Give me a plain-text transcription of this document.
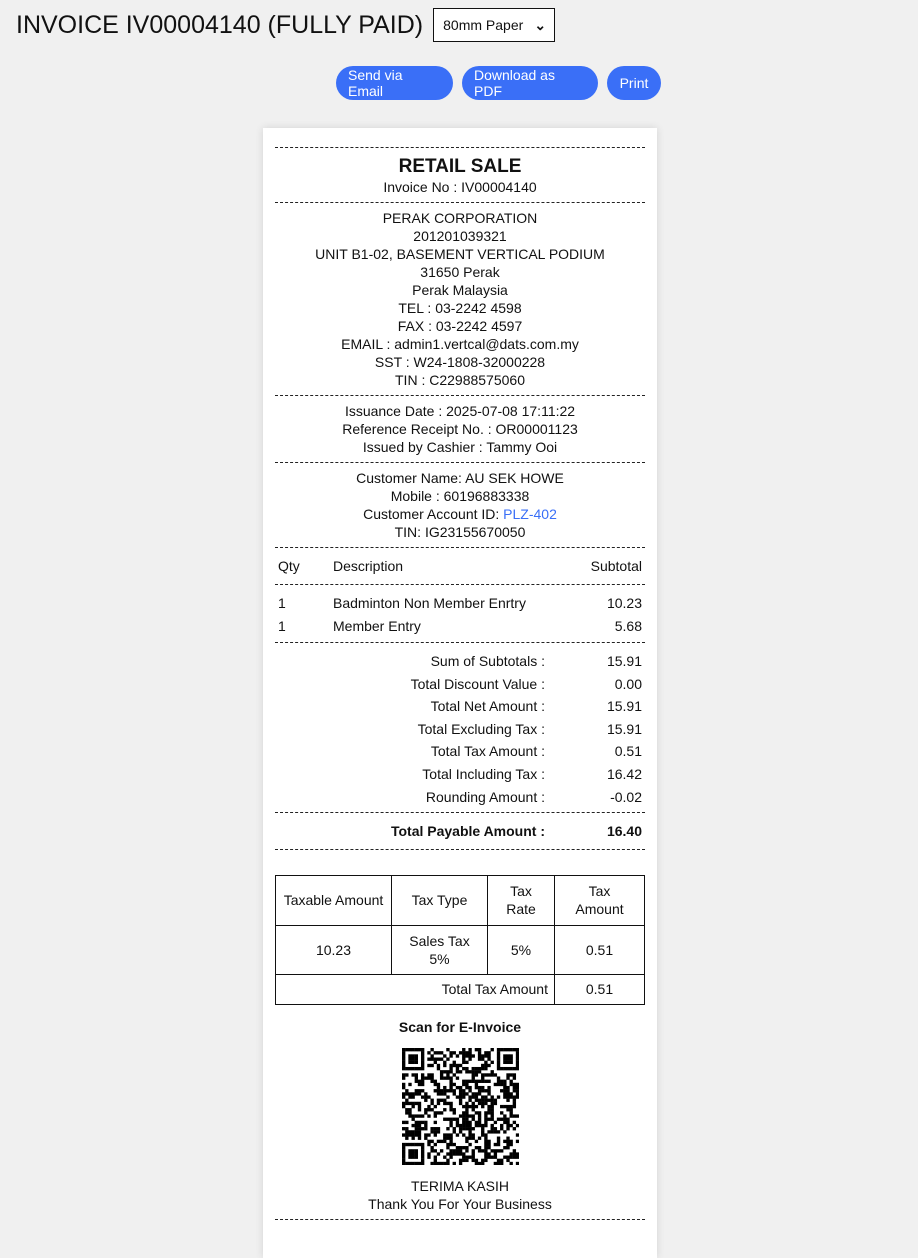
INVOICE IV00004140 (FULLY PAID) 80mm Paper ⌄
Send via Email
Download as PDF	Print
RETAIL SALE
Invoice No : IV00004140
PERAK CORPORATION
201201039321
UNIT B1-02, BASEMENT VERTICAL PODIUM
31650 Perak
Perak Malaysia
TEL : 03-2242 4598
FAX : 03-2242 4597
EMAIL : admin1.vertcal@dats.com.my
SST : W24-1808-32000228
TIN : C22988575060
Issuance Date : 2025-07-08 17:11:22
Reference Receipt No. : OR00001123
Issued by Cashier : Tammy Ooi
Customer Name: AU SEK HOWE
Mobile : 60196883338
Customer Account ID: PLZ-402
TIN: IG23155670050
Qty	Description	Subtotal
1	Badminton Non Member Enrtry	10.23
1	Member Entry	5.68
Sum of Subtotals :	15.91
Total Discount Value :	0.00
Total Net Amount :	15.91
Total Excluding Tax :	15.91
Total Tax Amount :	0.51
Total Including Tax :	16.42
Rounding Amount :	-0.02
Total Payable Amount :	16.40
Taxable Amount	Tax Type	Tax Rate	Tax Amount
10.23	Sales Tax 5%	5%	0.51
Total Tax Amount			0.51
Scan for E-Invoice
TERIMA KASIH
Thank You For Your Business
